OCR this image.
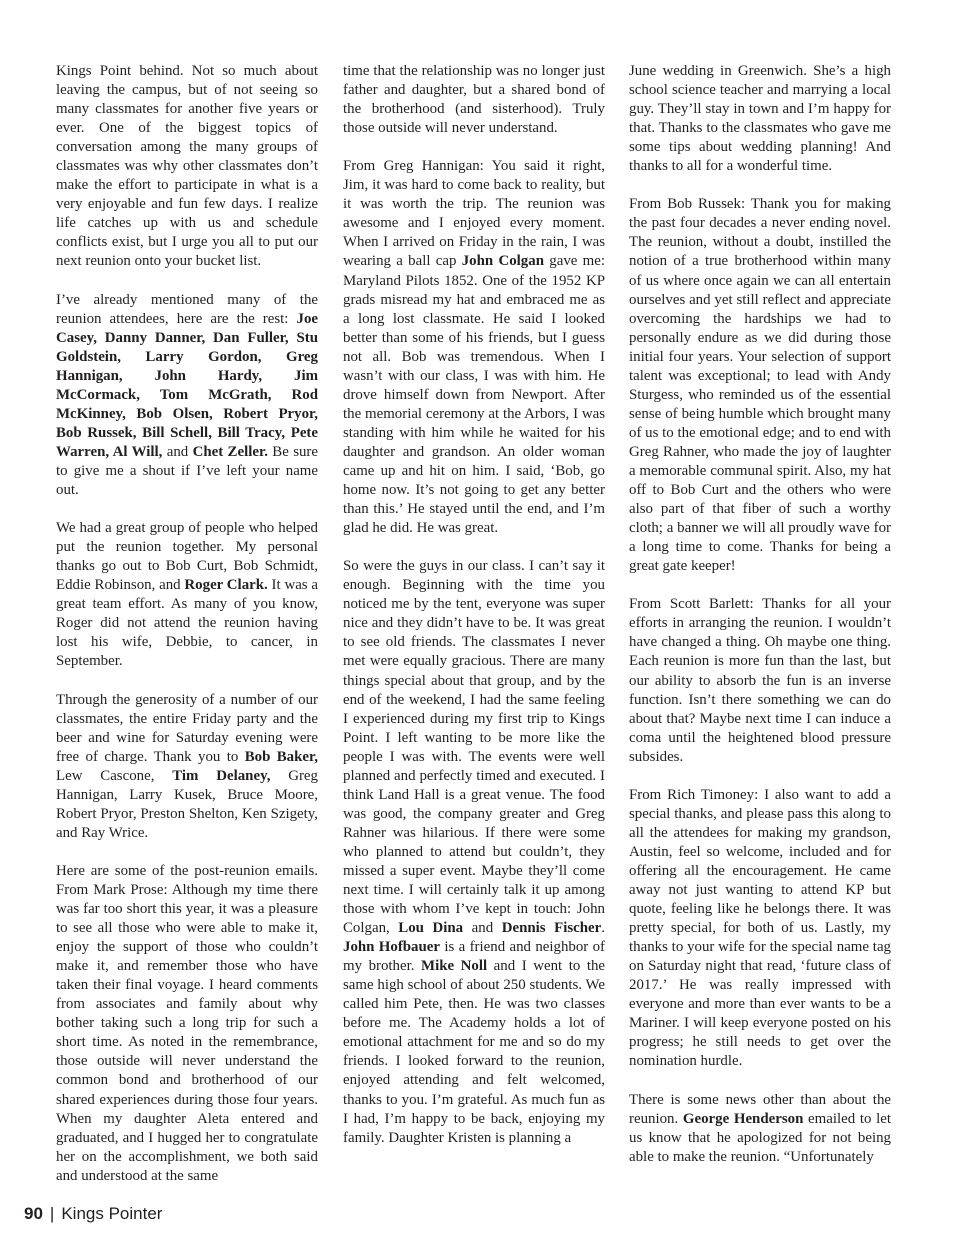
Kings Point behind. Not so much about leaving the campus, but of not seeing so many classmates for another five years or ever. One of the biggest topics of conversation among the many groups of classmates was why other classmates don’t make the effort to participate in what is a very enjoyable and fun few days. I realize life catches up with us and schedule conflicts exist, but I urge you all to put our next reunion onto your bucket list.

I’ve already mentioned many of the reunion attendees, here are the rest: Joe Casey, Danny Danner, Dan Fuller, Stu Goldstein, Larry Gordon, Greg Hannigan, John Hardy, Jim McCormack, Tom McGrath, Rod McKinney, Bob Olsen, Robert Pryor, Bob Russek, Bill Schell, Bill Tracy, Pete Warren, Al Will, and Chet Zeller. Be sure to give me a shout if I’ve left your name out.

We had a great group of people who helped put the reunion together. My personal thanks go out to Bob Curt, Bob Schmidt, Eddie Robinson, and Roger Clark. It was a great team effort. As many of you know, Roger did not attend the reunion having lost his wife, Debbie, to cancer, in September.

Through the generosity of a number of our classmates, the entire Friday party and the beer and wine for Saturday evening were free of charge. Thank you to Bob Baker, Lew Cascone, Tim Delaney, Greg Hannigan, Larry Kusek, Bruce Moore, Robert Pryor, Preston Shelton, Ken Szigety, and Ray Wrice.

Here are some of the post-reunion emails. From Mark Prose: Although my time there was far too short this year, it was a pleasure to see all those who were able to make it, enjoy the support of those who couldn’t make it, and remember those who have taken their final voyage. I heard comments from associates and family about why bother taking such a long trip for such a short time. As noted in the remembrance, those outside will never understand the common bond and brotherhood of our shared experiences during those four years. When my daughter Aleta entered and graduated, and I hugged her to congratulate her on the accomplishment, we both said and understood at the same

time that the relationship was no longer just father and daughter, but a shared bond of the brotherhood (and sisterhood). Truly those outside will never understand.

From Greg Hannigan: You said it right, Jim, it was hard to come back to reality, but it was worth the trip. The reunion was awesome and I enjoyed every moment. When I arrived on Friday in the rain, I was wearing a ball cap John Colgan gave me: Maryland Pilots 1852. One of the 1952 KP grads misread my hat and embraced me as a long lost classmate. He said I looked better than some of his friends, but I guess not all. Bob was tremendous. When I wasn’t with our class, I was with him. He drove himself down from Newport. After the memorial ceremony at the Arbors, I was standing with him while he waited for his daughter and grandson. An older woman came up and hit on him. I said, ‘Bob, go home now. It’s not going to get any better than this.’ He stayed until the end, and I’m glad he did. He was great.

So were the guys in our class. I can’t say it enough. Beginning with the time you noticed me by the tent, everyone was super nice and they didn’t have to be. It was great to see old friends. The classmates I never met were equally gracious. There are many things special about that group, and by the end of the weekend, I had the same feeling I experienced during my first trip to Kings Point. I left wanting to be more like the people I was with. The events were well planned and perfectly timed and executed. I think Land Hall is a great venue. The food was good, the company greater and Greg Rahner was hilarious. If there were some who planned to attend but couldn’t, they missed a super event. Maybe they’ll come next time. I will certainly talk it up among those with whom I’ve kept in touch: John Colgan, Lou Dina and Dennis Fischer. John Hofbauer is a friend and neighbor of my brother. Mike Noll and I went to the same high school of about 250 students. We called him Pete, then. He was two classes before me. The Academy holds a lot of emotional attachment for me and so do my friends. I looked forward to the reunion, enjoyed attending and felt welcomed, thanks to you. I’m grateful. As much fun as I had, I’m happy to be back, enjoying my family. Daughter Kristen is planning a

June wedding in Greenwich. She’s a high school science teacher and marrying a local guy. They’ll stay in town and I’m happy for that. Thanks to the classmates who gave me some tips about wedding planning! And thanks to all for a wonderful time.

From Bob Russek: Thank you for making the past four decades a never ending novel. The reunion, without a doubt, instilled the notion of a true brotherhood within many of us where once again we can all entertain ourselves and yet still reflect and appreciate overcoming the hardships we had to personally endure as we did during those initial four years. Your selection of support talent was exceptional; to lead with Andy Sturgess, who reminded us of the essential sense of being humble which brought many of us to the emotional edge; and to end with Greg Rahner, who made the joy of laughter a memorable communal spirit. Also, my hat off to Bob Curt and the others who were also part of that fiber of such a worthy cloth; a banner we will all proudly wave for a long time to come. Thanks for being a great gate keeper!

From Scott Barlett: Thanks for all your efforts in arranging the reunion. I wouldn’t have changed a thing. Oh maybe one thing. Each reunion is more fun than the last, but our ability to absorb the fun is an inverse function. Isn’t there something we can do about that? Maybe next time I can induce a coma until the heightened blood pressure subsides.

From Rich Timoney: I also want to add a special thanks, and please pass this along to all the attendees for making my grandson, Austin, feel so welcome, included and for offering all the encouragement. He came away not just wanting to attend KP but quote, feeling like he belongs there. It was pretty special, for both of us. Lastly, my thanks to your wife for the special name tag on Saturday night that read, ‘future class of 2017.’ He was really impressed with everyone and more than ever wants to be a Mariner. I will keep everyone posted on his progress; he still needs to get over the nomination hurdle.

There is some news other than about the reunion. George Henderson emailed to let us know that he apologized for not being able to make the reunion. “Unfortunately

90 | Kings Pointer
